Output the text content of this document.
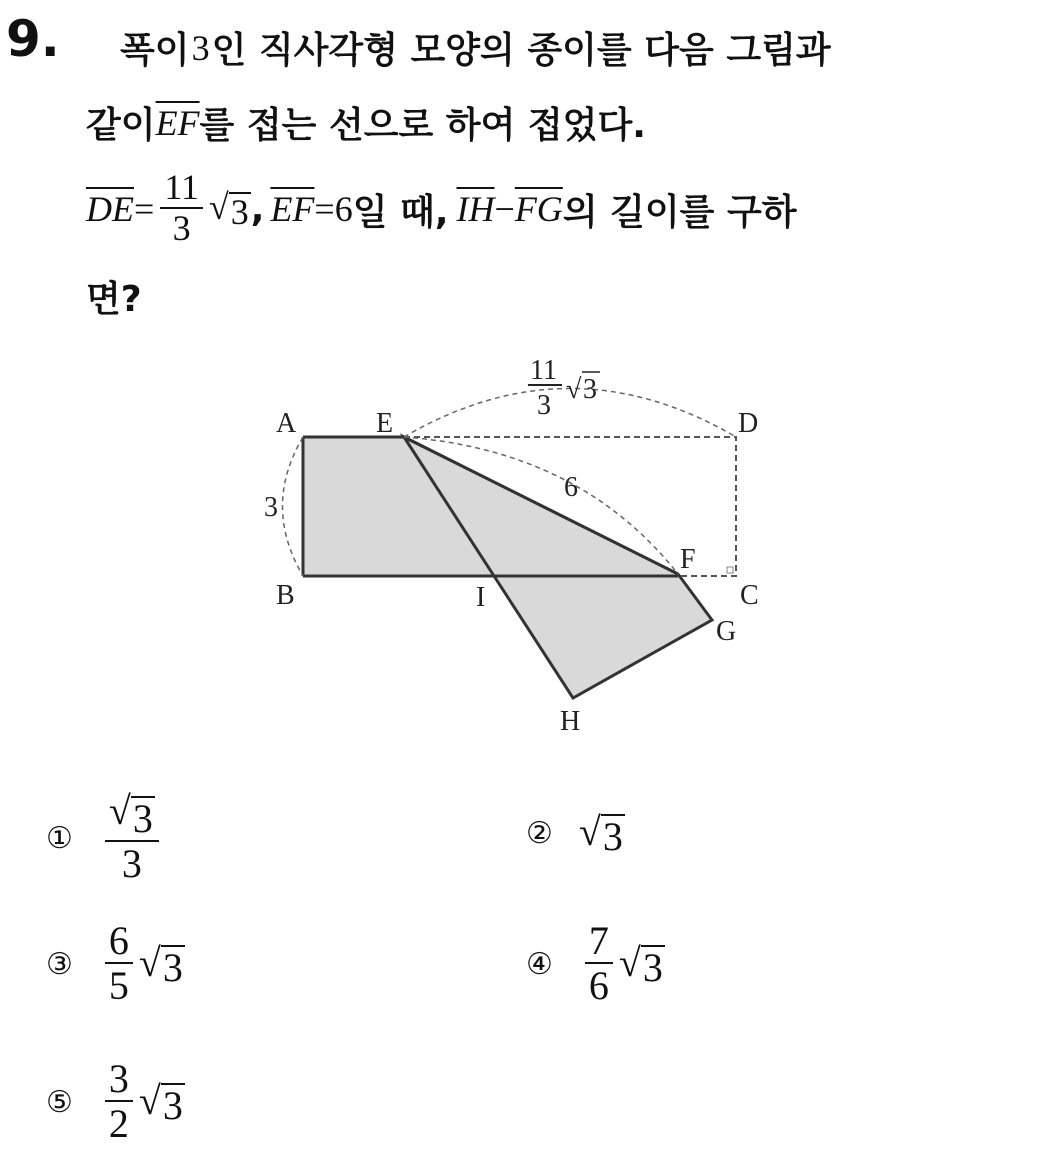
9. 폭이 3 인 직사각형 모양의 종이를 다음 그림과
같이 $\overline{EF}$ 를 접는 선으로 하여 접었다.
$\overline{DE} = \frac{11}{3}$ √ 3 , $\overline{EF} = 6$ 일 때, $\overline{IH} - \overline{FG}$ 의 길이를 구하
면?
A	E	D
B	I
F
C
G
H
3
6
11
3
√ 3
① $\frac{√ 3}{3}$	② √ 3
③ $\frac{6}{5}$ √ 3	④ $\frac{7}{6}$ √ 3
⑤ $\frac{3}{2}$ √ 3
